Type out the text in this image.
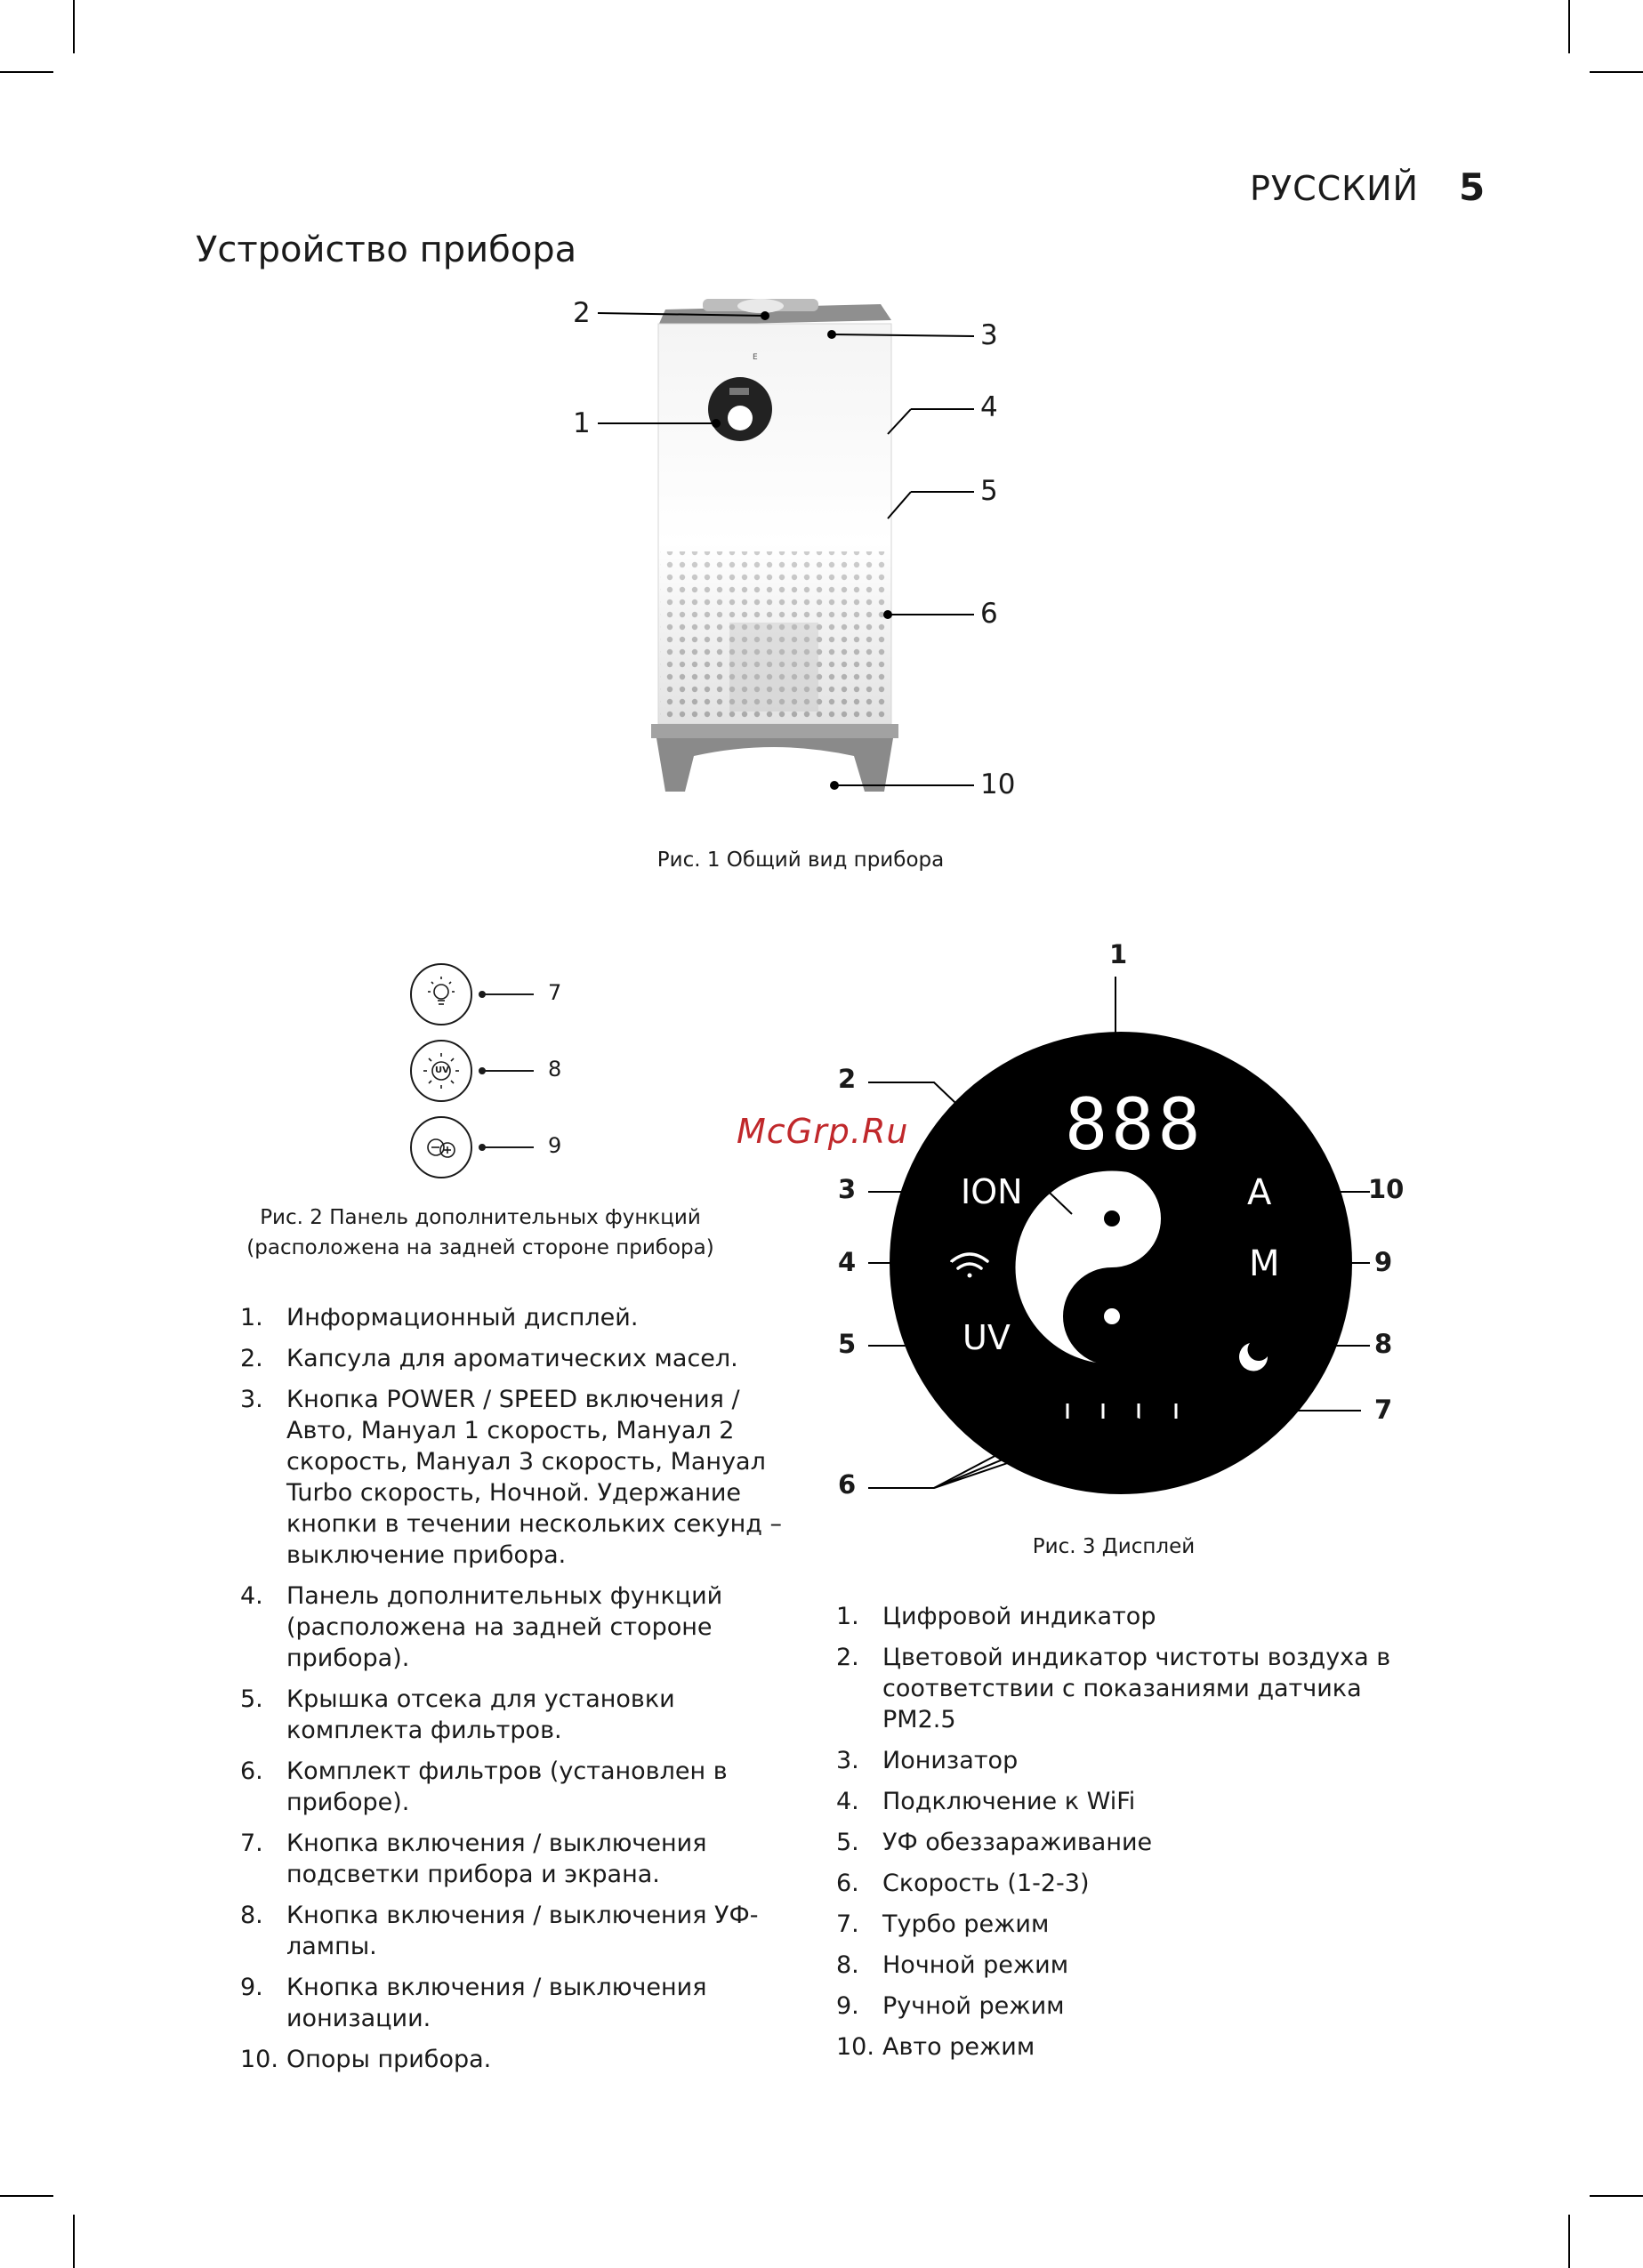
РУССКИЙ 5
Устройство прибора
E
2
3
1	4
5
6
10
Рис. 1 Общий вид прибора
UV
7
8
9
Рис. 2 Панель дополнительных функций
(расположена на задней стороне прибора)
888
ION
UV
A
M
1
2
3
4
5
6
7
8
9
10
Рис. 3 Дисплей
McGrp.Ru
1. Информационный дисплей.
2. Капсула для ароматических масел.
3. Кнопка POWER / SPEED включения / Авто, Мануал 1 скорость, Мануал 2 скорость, Мануал 3 скорость, Мануал Turbo скорость, Ночной. Удержание кнопки в течении нескольких секунд – выключение прибора.
4. Панель дополнительных функций (расположена на задней стороне прибора).
5. Крышка отсека для установки комплекта фильтров.
6. Комплект фильтров (установлен в приборе).
7. Кнопка включения / выключения подсветки прибора и экрана.
8. Кнопка включения / выключения УФ-лампы.
9. Кнопка включения / выключения ионизации.
10. Опоры прибора.
1. Цифровой индикатор
2. Цветовой индикатор чистоты воздуха в соответствии с показаниями датчика PM2.5
3. Ионизатор
4. Подключение к WiFi
5. УФ обеззараживание
6. Скорость (1-2-3)
7. Турбо режим
8. Ночной режим
9. Ручной режим
10. Авто режим
